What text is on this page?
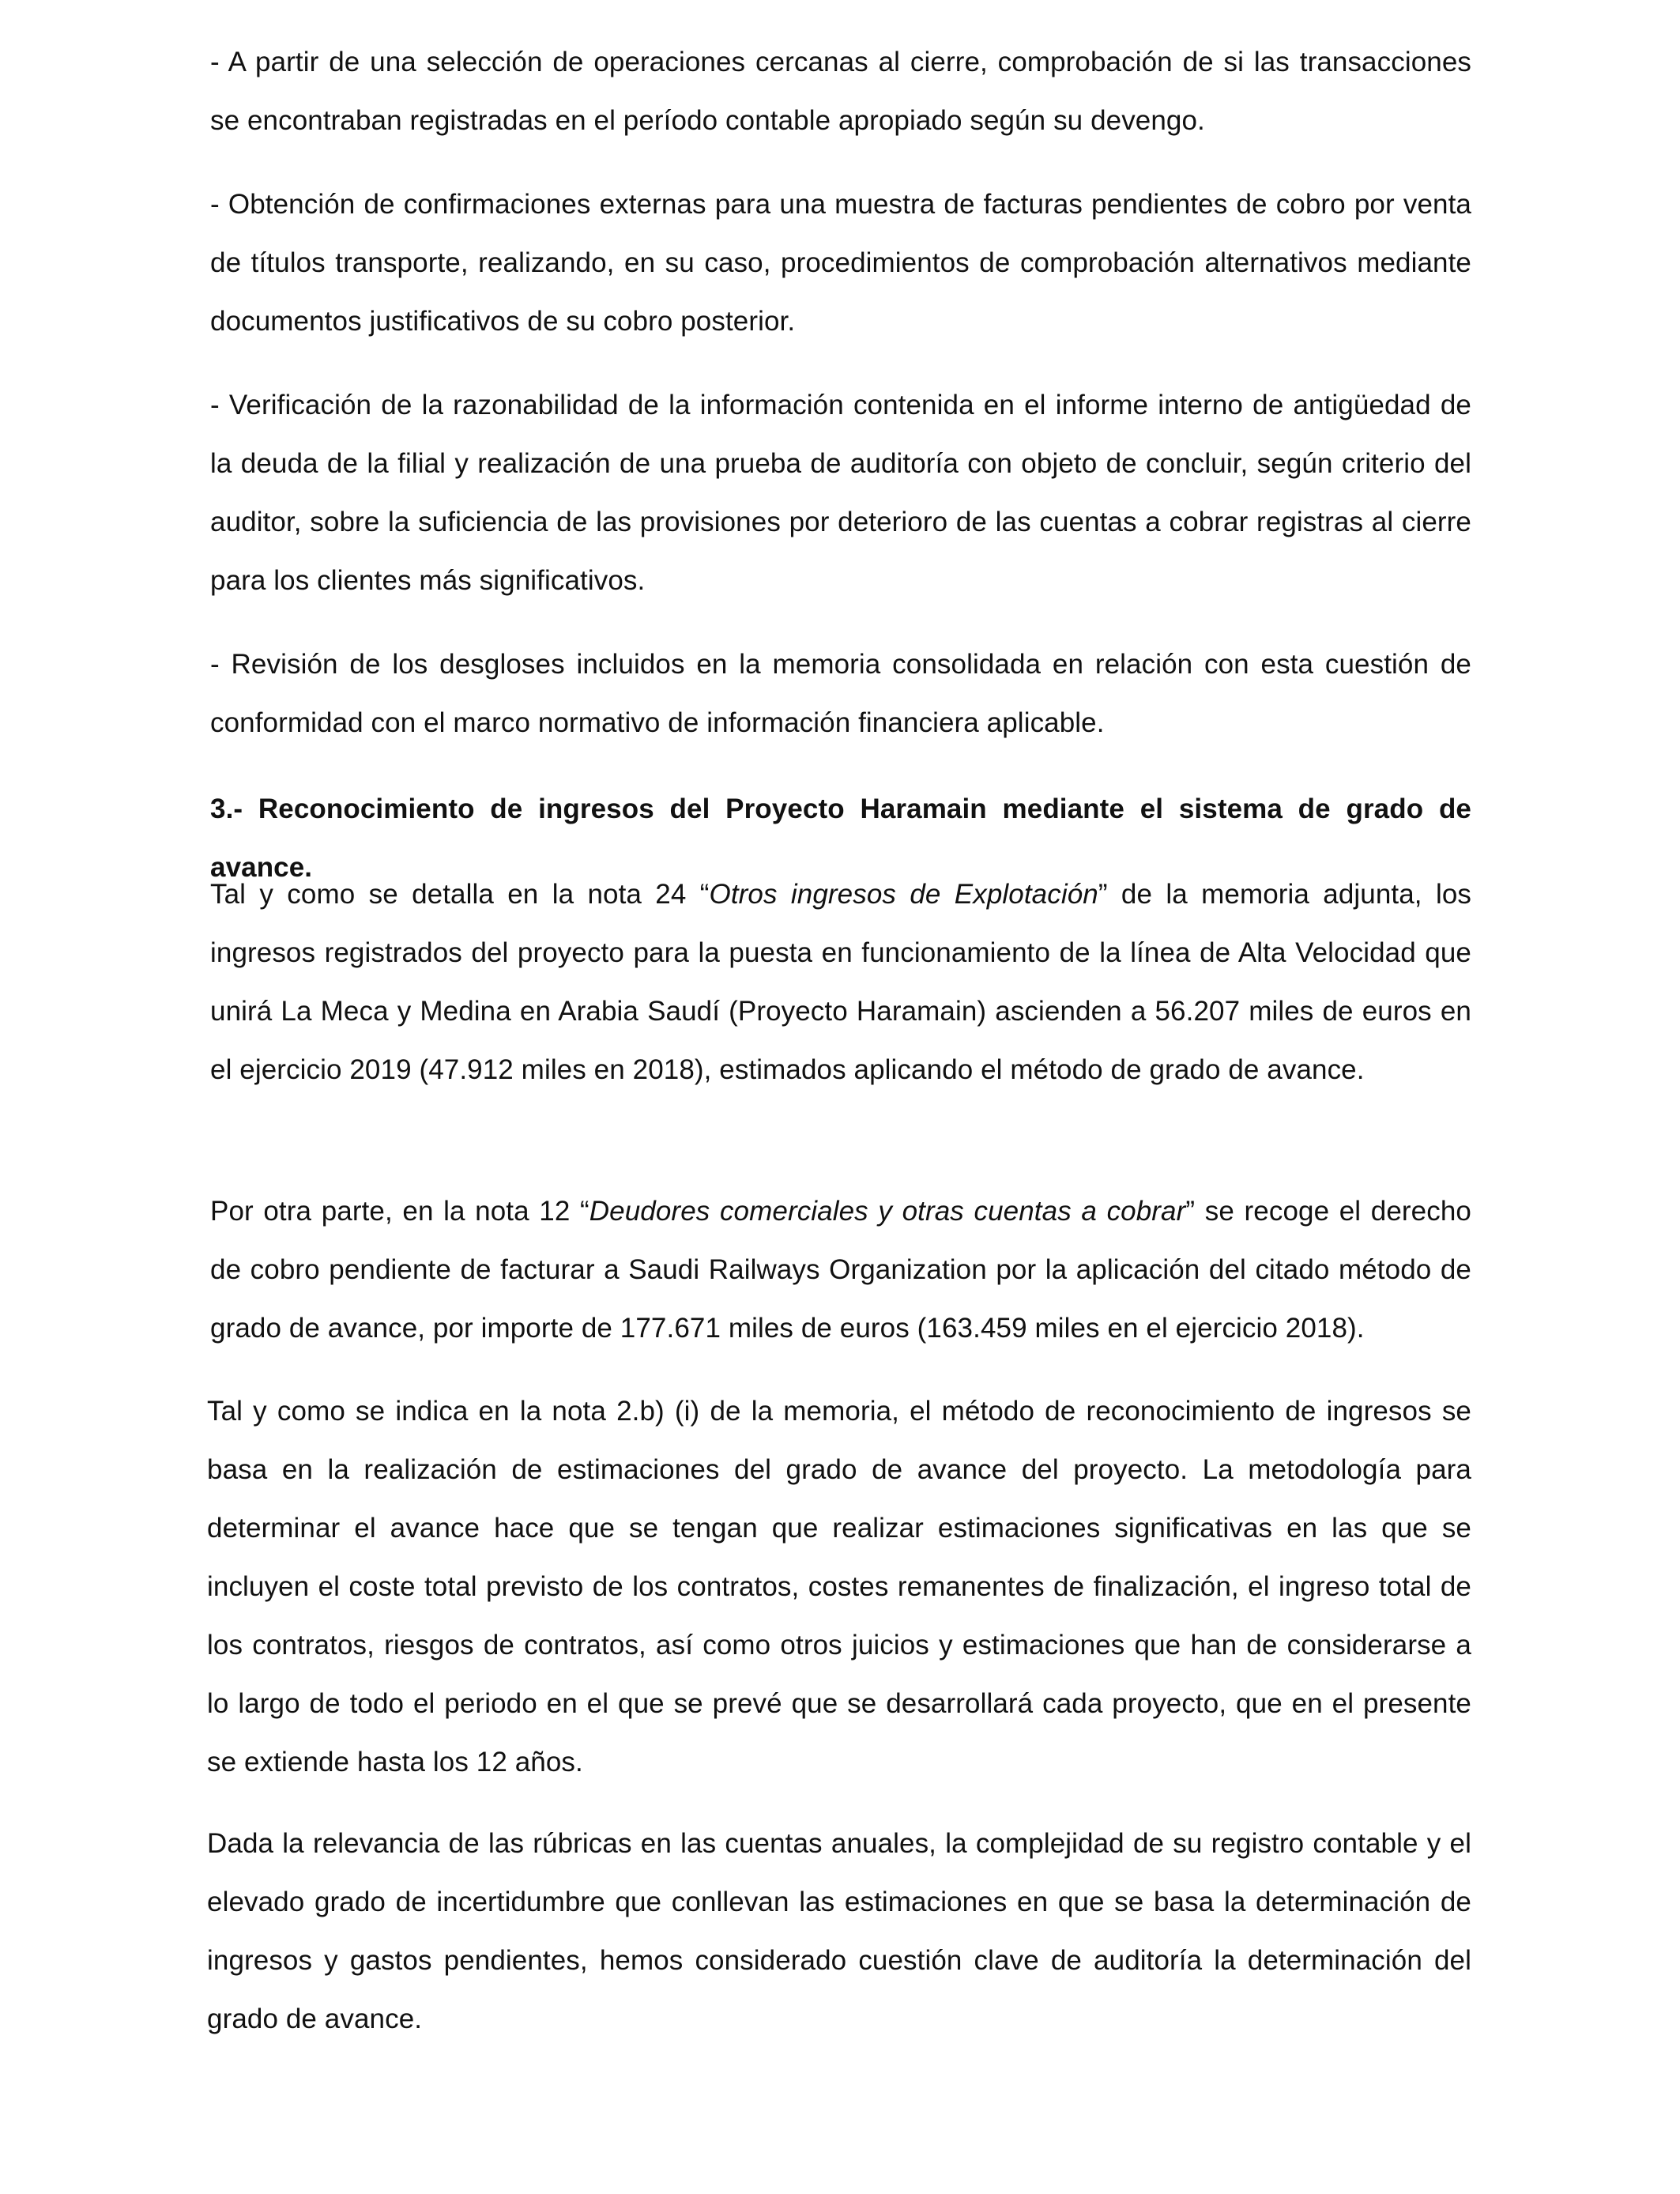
- A partir de una selección de operaciones cercanas al cierre, comprobación de si las transacciones se encontraban registradas en el período contable apropiado según su devengo.

- Obtención de confirmaciones externas para una muestra de facturas pendientes de cobro por venta de títulos transporte, realizando, en su caso, procedimientos de comprobación alternativos mediante documentos justificativos de su cobro posterior.

- Verificación de la razonabilidad de la información contenida en el informe interno de antigüedad de la deuda de la filial y realización de una prueba de auditoría con objeto de concluir, según criterio del auditor, sobre la suficiencia de las provisiones por deterioro de las cuentas a cobrar registras al cierre para los clientes más significativos.

- Revisión de los desgloses incluidos en la memoria consolidada en relación con esta cuestión de conformidad con el marco normativo de información financiera aplicable.

3.- Reconocimiento de ingresos del Proyecto Haramain mediante el sistema de grado de avance.

Tal y como se detalla en la nota 24 “Otros ingresos de Explotación” de la memoria adjunta, los ingresos registrados del proyecto para la puesta en funcionamiento de la línea de Alta Velocidad que unirá La Meca y Medina en Arabia Saudí (Proyecto Haramain) ascienden a 56.207 miles de euros en el ejercicio 2019 (47.912 miles en 2018), estimados aplicando el método de grado de avance.

Por otra parte, en la nota 12 “Deudores comerciales y otras cuentas a cobrar” se recoge el derecho de cobro pendiente de facturar a Saudi Railways Organization por la aplicación del citado método de grado de avance, por importe de 177.671 miles de euros (163.459 miles en el ejercicio 2018).

Tal y como se indica en la nota 2.b) (i) de la memoria, el método de reconocimiento de ingresos se basa en la realización de estimaciones del grado de avance del proyecto. La metodología para determinar el avance hace que se tengan que realizar estimaciones significativas en las que se incluyen el coste total previsto de los contratos, costes remanentes de finalización, el ingreso total de los contratos, riesgos de contratos, así como otros juicios y estimaciones que han de considerarse a lo largo de todo el periodo en el que se prevé que se desarrollará cada proyecto, que en el presente se extiende hasta los 12 años.

Dada la relevancia de las rúbricas en las cuentas anuales, la complejidad de su registro contable y el elevado grado de incertidumbre que conllevan las estimaciones en que se basa la determinación de ingresos y gastos pendientes, hemos considerado cuestión clave de auditoría la determinación del grado de avance.
